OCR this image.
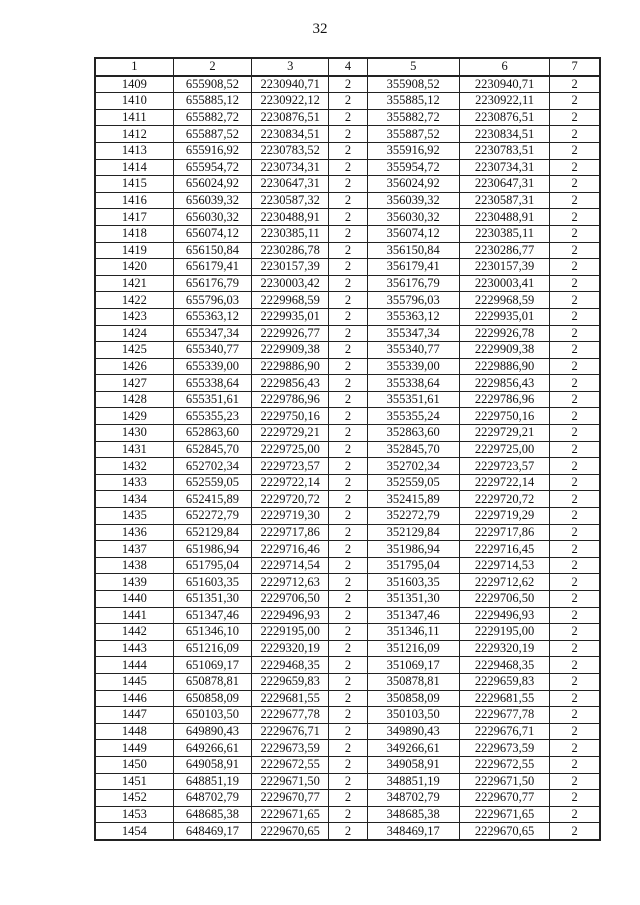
32
1	2	3	4	5	6	7
1409	655908,52	2230940,71	2	355908,52	2230940,71	2
1410	655885,12	2230922,12	2	355885,12	2230922,11	2
1411	655882,72	2230876,51	2	355882,72	2230876,51	2
1412	655887,52	2230834,51	2	355887,52	2230834,51	2
1413	655916,92	2230783,52	2	355916,92	2230783,51	2
1414	655954,72	2230734,31	2	355954,72	2230734,31	2
1415	656024,92	2230647,31	2	356024,92	2230647,31	2
1416	656039,32	2230587,32	2	356039,32	2230587,31	2
1417	656030,32	2230488,91	2	356030,32	2230488,91	2
1418	656074,12	2230385,11	2	356074,12	2230385,11	2
1419	656150,84	2230286,78	2	356150,84	2230286,77	2
1420	656179,41	2230157,39	2	356179,41	2230157,39	2
1421	656176,79	2230003,42	2	356176,79	2230003,41	2
1422	655796,03	2229968,59	2	355796,03	2229968,59	2
1423	655363,12	2229935,01	2	355363,12	2229935,01	2
1424	655347,34	2229926,77	2	355347,34	2229926,78	2
1425	655340,77	2229909,38	2	355340,77	2229909,38	2
1426	655339,00	2229886,90	2	355339,00	2229886,90	2
1427	655338,64	2229856,43	2	355338,64	2229856,43	2
1428	655351,61	2229786,96	2	355351,61	2229786,96	2
1429	655355,23	2229750,16	2	355355,24	2229750,16	2
1430	652863,60	2229729,21	2	352863,60	2229729,21	2
1431	652845,70	2229725,00	2	352845,70	2229725,00	2
1432	652702,34	2229723,57	2	352702,34	2229723,57	2
1433	652559,05	2229722,14	2	352559,05	2229722,14	2
1434	652415,89	2229720,72	2	352415,89	2229720,72	2
1435	652272,79	2229719,30	2	352272,79	2229719,29	2
1436	652129,84	2229717,86	2	352129,84	2229717,86	2
1437	651986,94	2229716,46	2	351986,94	2229716,45	2
1438	651795,04	2229714,54	2	351795,04	2229714,53	2
1439	651603,35	2229712,63	2	351603,35	2229712,62	2
1440	651351,30	2229706,50	2	351351,30	2229706,50	2
1441	651347,46	2229496,93	2	351347,46	2229496,93	2
1442	651346,10	2229195,00	2	351346,11	2229195,00	2
1443	651216,09	2229320,19	2	351216,09	2229320,19	2
1444	651069,17	2229468,35	2	351069,17	2229468,35	2
1445	650878,81	2229659,83	2	350878,81	2229659,83	2
1446	650858,09	2229681,55	2	350858,09	2229681,55	2
1447	650103,50	2229677,78	2	350103,50	2229677,78	2
1448	649890,43	2229676,71	2	349890,43	2229676,71	2
1449	649266,61	2229673,59	2	349266,61	2229673,59	2
1450	649058,91	2229672,55	2	349058,91	2229672,55	2
1451	648851,19	2229671,50	2	348851,19	2229671,50	2
1452	648702,79	2229670,77	2	348702,79	2229670,77	2
1453	648685,38	2229671,65	2	348685,38	2229671,65	2
1454	648469,17	2229670,65	2	348469,17	2229670,65	2
